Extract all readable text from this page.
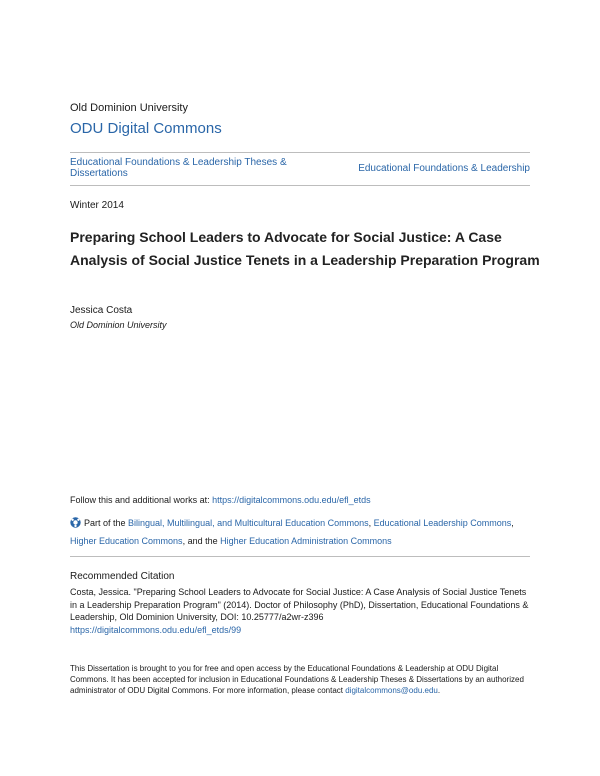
Old Dominion University
ODU Digital Commons
Educational Foundations & Leadership Theses & Dissertations	Educational Foundations & Leadership
Winter 2014
Preparing School Leaders to Advocate for Social Justice: A Case Analysis of Social Justice Tenets in a Leadership Preparation Program
Jessica Costa
Old Dominion University
Follow this and additional works at: https://digitalcommons.odu.edu/efl_etds
Part of the Bilingual, Multilingual, and Multicultural Education Commons, Educational Leadership Commons, Higher Education Commons, and the Higher Education Administration Commons
Recommended Citation
Costa, Jessica. "Preparing School Leaders to Advocate for Social Justice: A Case Analysis of Social Justice Tenets in a Leadership Preparation Program" (2014). Doctor of Philosophy (PhD), Dissertation, Educational Foundations & Leadership, Old Dominion University, DOI: 10.25777/a2wr-z396
https://digitalcommons.odu.edu/efl_etds/99
This Dissertation is brought to you for free and open access by the Educational Foundations & Leadership at ODU Digital Commons. It has been accepted for inclusion in Educational Foundations & Leadership Theses & Dissertations by an authorized administrator of ODU Digital Commons. For more information, please contact digitalcommons@odu.edu.
